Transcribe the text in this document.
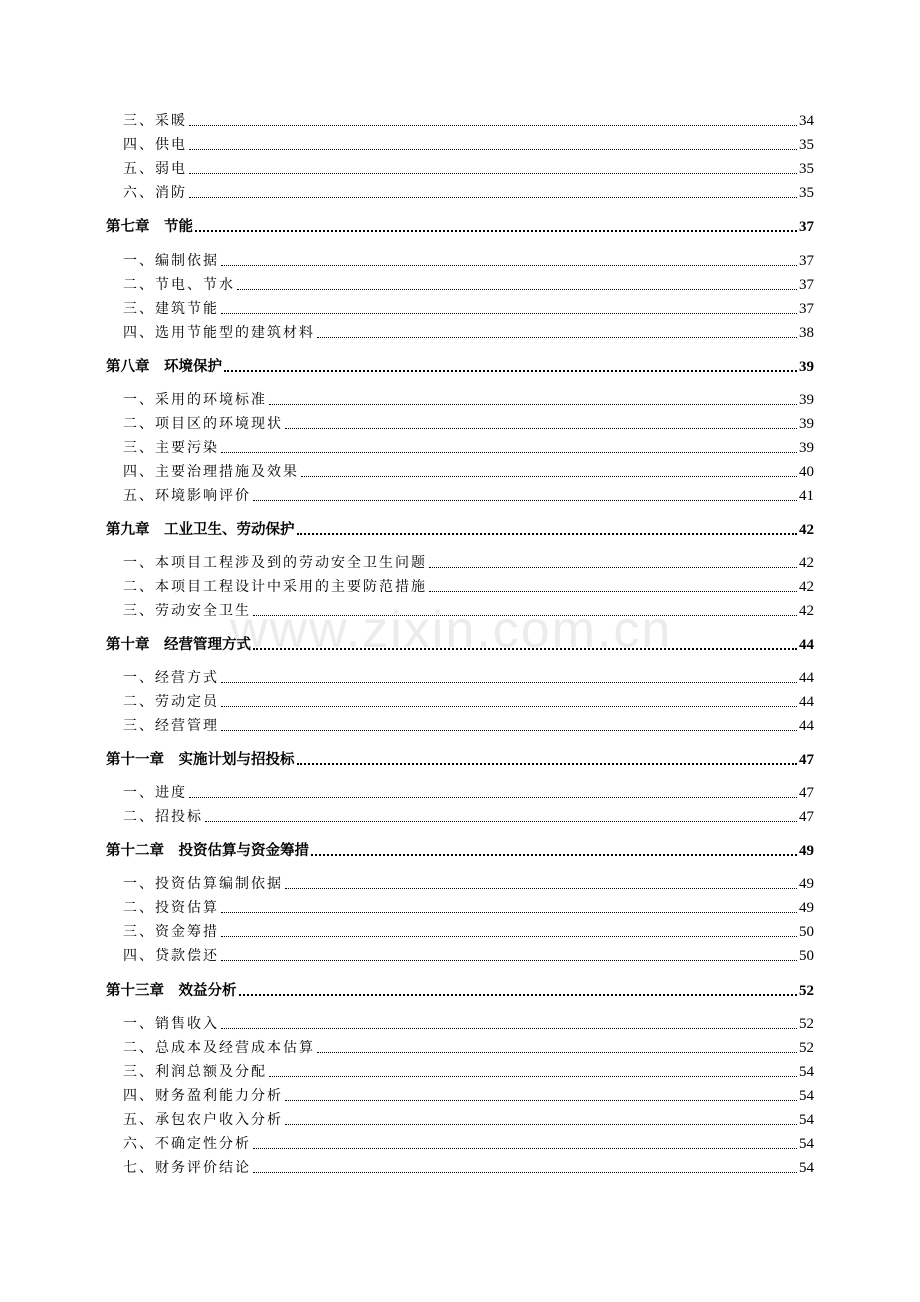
www.zixin.com.cn
三、采暖	34
四、供电	35
五、弱电	35
六、消防	35
第七章　节能	37
一、编制依据	37
二、节电、节水	37
三、建筑节能	37
四、选用节能型的建筑材料	38
第八章　环境保护	39
一、采用的环境标准	39
二、项目区的环境现状	39
三、主要污染	39
四、主要治理措施及效果	40
五、环境影响评价	41
第九章　工业卫生、劳动保护	42
一、本项目工程涉及到的劳动安全卫生问题	42
二、本项目工程设计中采用的主要防范措施	42
三、劳动安全卫生	42
第十章　经营管理方式	44
一、经营方式	44
二、劳动定员	44
三、经营管理	44
第十一章　实施计划与招投标	47
一、进度	47
二、招投标	47
第十二章　投资估算与资金筹措	49
一、投资估算编制依据	49
二、投资估算	49
三、资金筹措	50
四、贷款偿还	50
第十三章　效益分析	52
一、销售收入	52
二、总成本及经营成本估算	52
三、利润总额及分配	54
四、财务盈利能力分析	54
五、承包农户收入分析	54
六、不确定性分析	54
七、财务评价结论	54
